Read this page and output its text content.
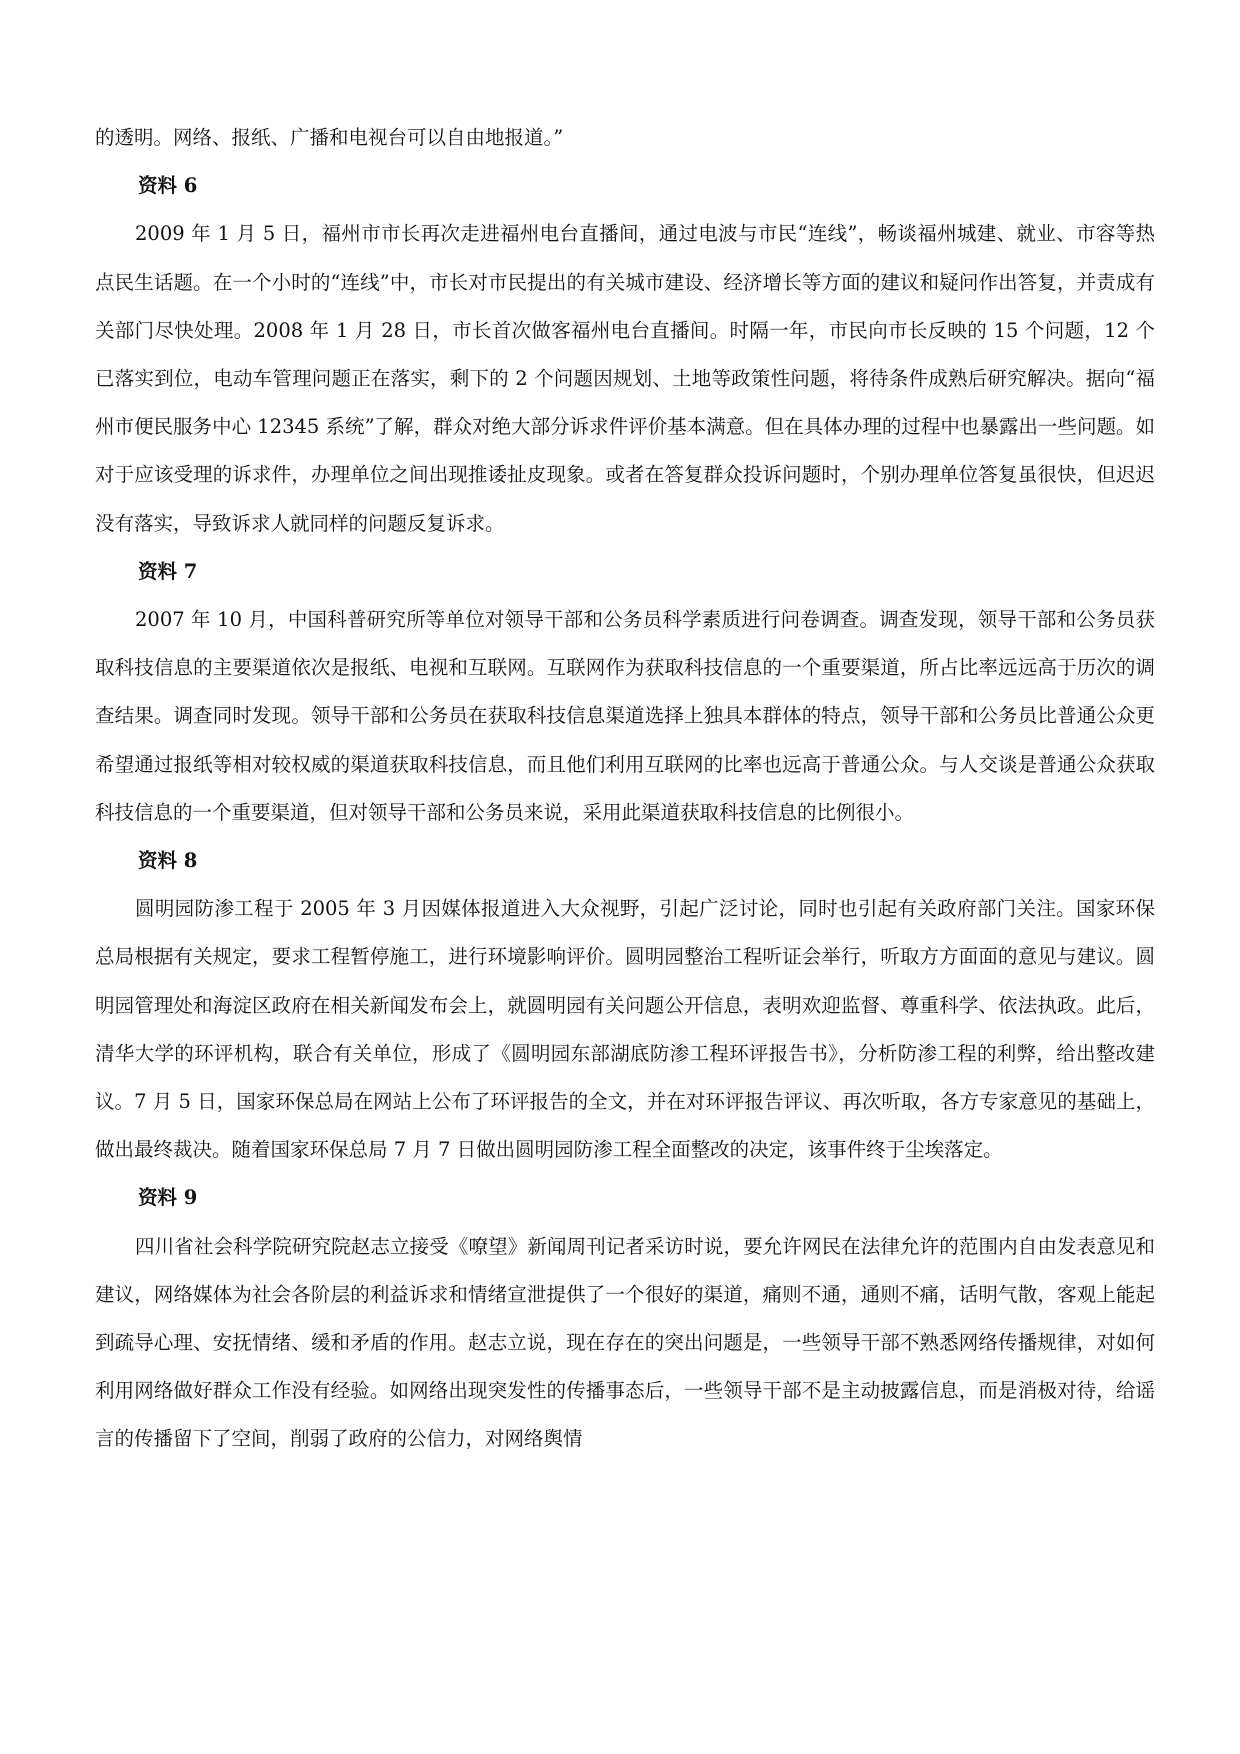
的透明。网络、报纸、广播和电视台可以自由地报道。”

资料 6

2009 年 1 月 5 日，福州市市长再次走进福州电台直播间，通过电波与市民“连线”，畅谈福州城建、就业、市容等热点民生话题。在一个小时的“连线”中，市长对市民提出的有关城市建设、经济增长等方面的建议和疑问作出答复，并责成有关部门尽快处理。2008 年 1 月 28 日，市长首次做客福州电台直播间。时隔一年，市民向市长反映的 15 个问题，12 个已落实到位，电动车管理问题正在落实，剩下的 2 个问题因规划、土地等政策性问题，将待条件成熟后研究解决。据向“福州市便民服务中心 12345 系统”了解，群众对绝大部分诉求件评价基本满意。但在具体办理的过程中也暴露出一些问题。如对于应该受理的诉求件，办理单位之间出现推诿扯皮现象。或者在答复群众投诉问题时，个别办理单位答复虽很快，但迟迟没有落实，导致诉求人就同样的问题反复诉求。

资料 7

2007 年 10 月，中国科普研究所等单位对领导干部和公务员科学素质进行问卷调查。调查发现，领导干部和公务员获取科技信息的主要渠道依次是报纸、电视和互联网。互联网作为获取科技信息的一个重要渠道，所占比率远远高于历次的调查结果。调查同时发现。领导干部和公务员在获取科技信息渠道选择上独具本群体的特点，领导干部和公务员比普通公众更希望通过报纸等相对较权威的渠道获取科技信息，而且他们利用互联网的比率也远高于普通公众。与人交谈是普通公众获取科技信息的一个重要渠道，但对领导干部和公务员来说，采用此渠道获取科技信息的比例很小。

资料 8

圆明园防渗工程于 2005 年 3 月因媒体报道进入大众视野，引起广泛讨论，同时也引起有关政府部门关注。国家环保总局根据有关规定，要求工程暂停施工，进行环境影响评价。圆明园整治工程听证会举行，听取方方面面的意见与建议。圆明园管理处和海淀区政府在相关新闻发布会上，就圆明园有关问题公开信息，表明欢迎监督、尊重科学、依法执政。此后，清华大学的环评机构，联合有关单位，形成了《圆明园东部湖底防渗工程环评报告书》，分析防渗工程的利弊，给出整改建议。7 月 5 日，国家环保总局在网站上公布了环评报告的全文，并在对环评报告评议、再次听取，各方专家意见的基础上，做出最终裁决。随着国家环保总局 7 月 7 日做出圆明园防渗工程全面整改的决定，该事件终于尘埃落定。

资料 9

四川省社会科学院研究院赵志立接受《嘹望》新闻周刊记者采访时说，要允许网民在法律允许的范围内自由发表意见和建议，网络媒体为社会各阶层的利益诉求和情绪宣泄提供了一个很好的渠道，痛则不通，通则不痛，话明气散，客观上能起到疏导心理、安抚情绪、缓和矛盾的作用。赵志立说，现在存在的突出问题是，一些领导干部不熟悉网络传播规律，对如何利用网络做好群众工作没有经验。如网络出现突发性的传播事态后，一些领导干部不是主动披露信息，而是消极对待，给谣言的传播留下了空间，削弱了政府的公信力，对网络舆情
